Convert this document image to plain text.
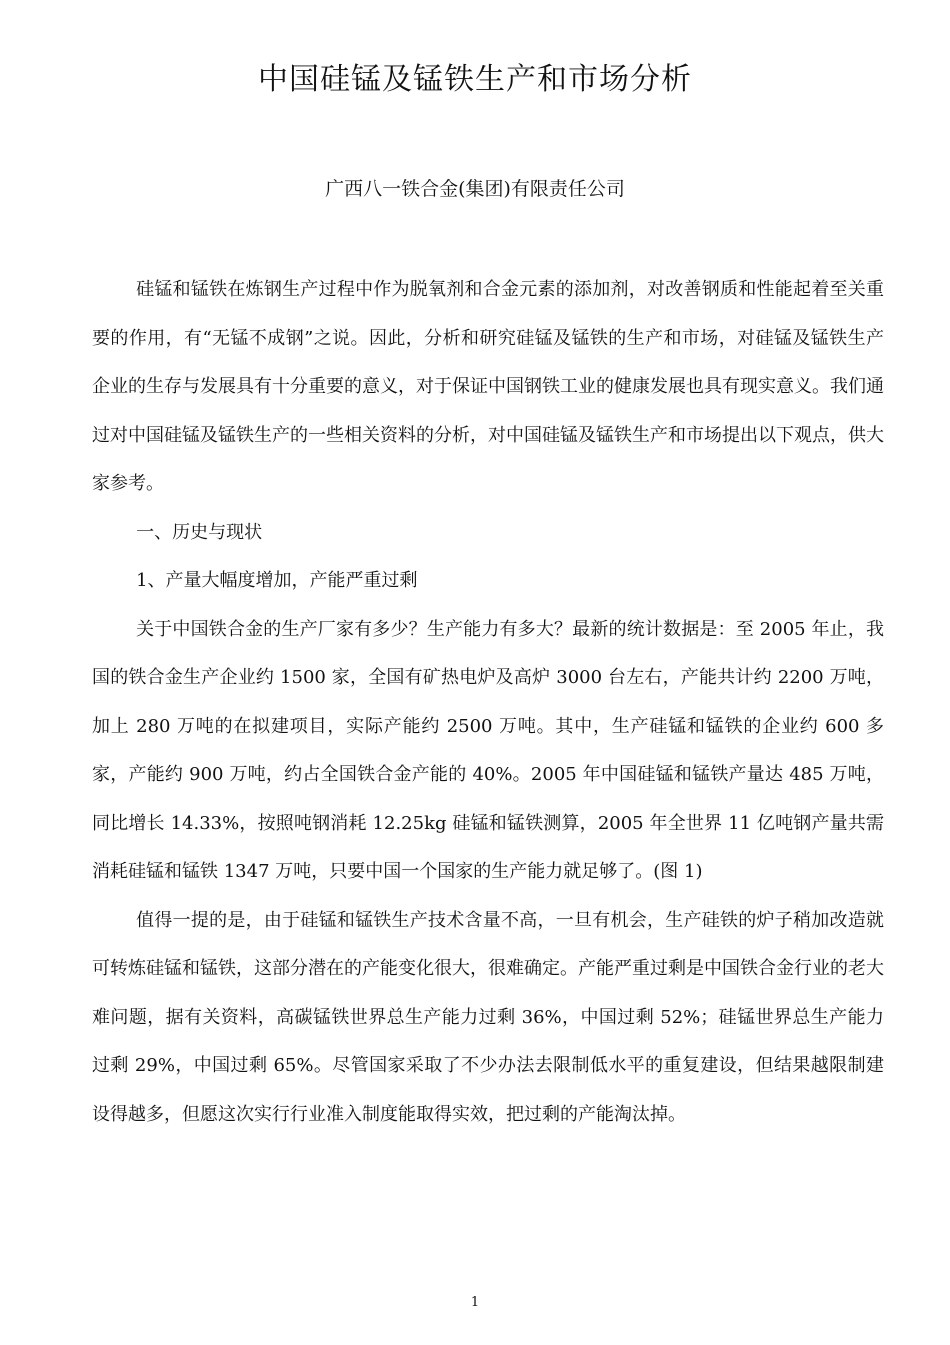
中国硅锰及锰铁生产和市场分析
广西八一铁合金(集团)有限责任公司

硅锰和锰铁在炼钢生产过程中作为脱氧剂和合金元素的添加剂，对改善钢质和性能起着至关重要的作用，有“无锰不成钢”之说。因此，分析和研究硅锰及锰铁的生产和市场，对硅锰及锰铁生产企业的生存与发展具有十分重要的意义，对于保证中国钢铁工业的健康发展也具有现实意义。我们通过对中国硅锰及锰铁生产的一些相关资料的分析，对中国硅锰及锰铁生产和市场提出以下观点，供大家参考。

一、历史与现状

1、产量大幅度增加，产能严重过剩

关于中国铁合金的生产厂家有多少？生产能力有多大？最新的统计数据是：至 2005 年止，我国的铁合金生产企业约 1500 家，全国有矿热电炉及高炉 3000 台左右，产能共计约 2200 万吨，加上 280 万吨的在拟建项目，实际产能约 2500 万吨。其中，生产硅锰和锰铁的企业约 600 多家，产能约 900 万吨，约占全国铁合金产能的 40%。2005 年中国硅锰和锰铁产量达 485 万吨，同比增长 14.33%，按照吨钢消耗 12.25kg 硅锰和锰铁测算，2005 年全世界 11 亿吨钢产量共需消耗硅锰和锰铁 1347 万吨，只要中国一个国家的生产能力就足够了。(图 1)

值得一提的是，由于硅锰和锰铁生产技术含量不高，一旦有机会，生产硅铁的炉子稍加改造就可转炼硅锰和锰铁，这部分潜在的产能变化很大，很难确定。产能严重过剩是中国铁合金行业的老大难问题，据有关资料，高碳锰铁世界总生产能力过剩 36%，中国过剩 52%；硅锰世界总生产能力过剩 29%，中国过剩 65%。尽管国家采取了不少办法去限制低水平的重复建设，但结果越限制建设得越多，但愿这次实行行业准入制度能取得实效，把过剩的产能淘汰掉。

1
